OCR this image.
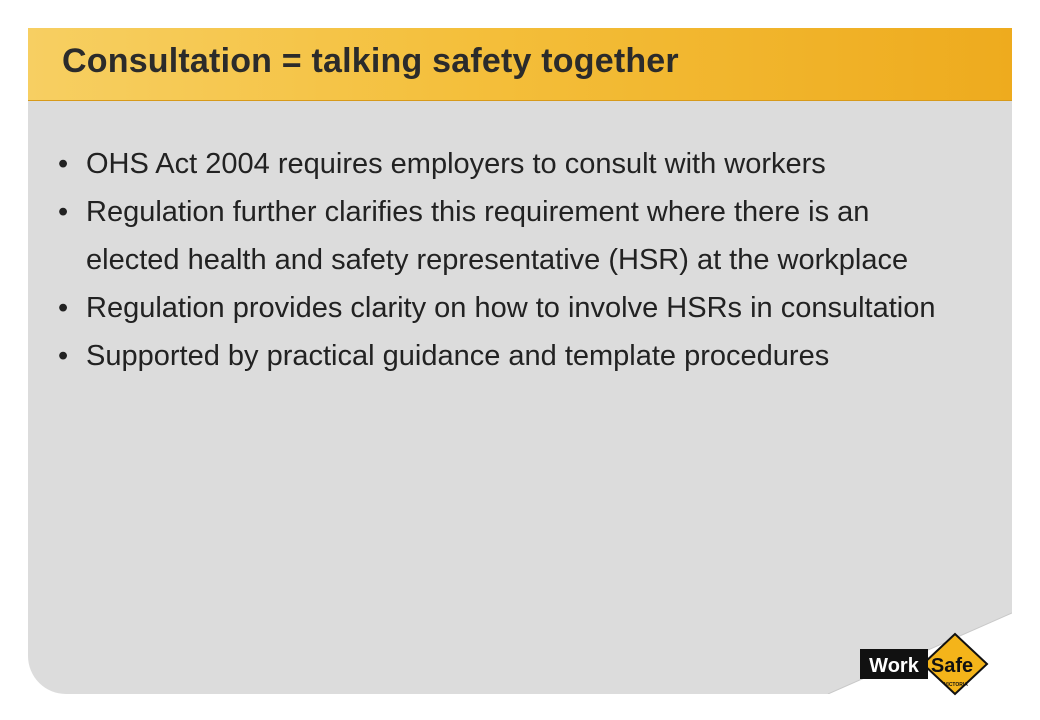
Consultation = talking safety together
• OHS Act 2004 requires employers to consult with workers
• Regulation further clarifies this requirement where there is an elected health and safety representative (HSR) at the workplace
• Regulation provides clarity on how to involve HSRs in consultation
• Supported by practical guidance and template procedures
Work Safe
VICTORIA
